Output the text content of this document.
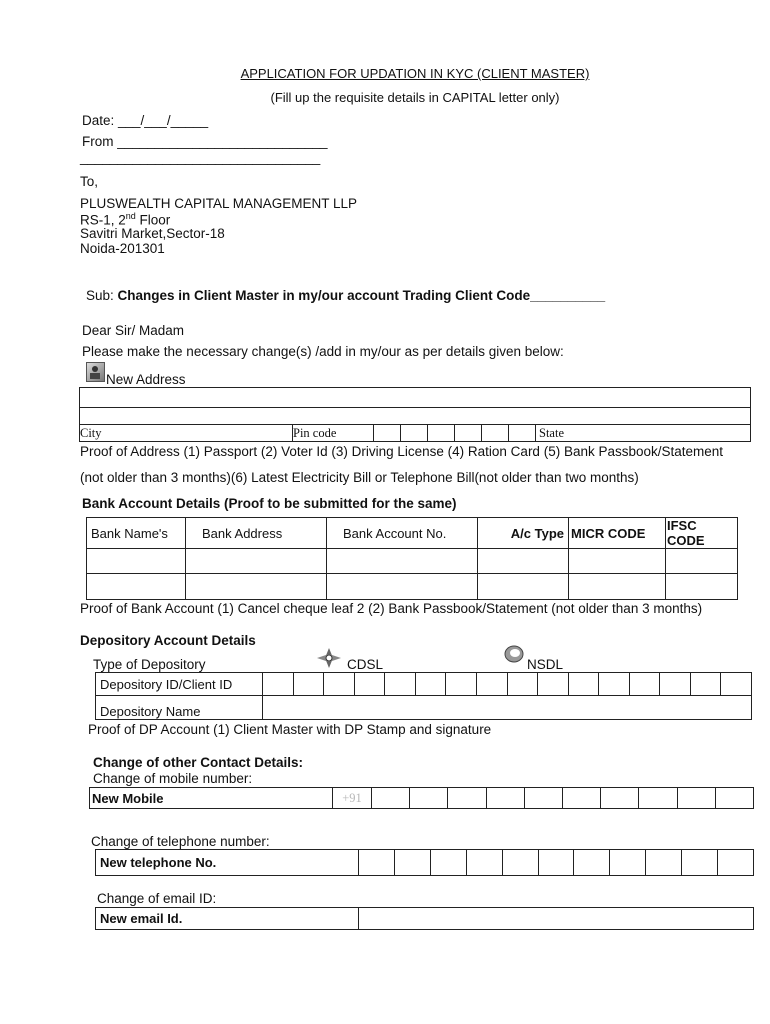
APPLICATION FOR UPDATION IN KYC (CLIENT MASTER)
(Fill up the requisite details in CAPITAL letter only)
Date: ___/___/_____
From ____________________________
________________________________
To,
PLUSWEALTH CAPITAL MANAGEMENT LLP
RS-1, 2nd Floor
Savitri Market,Sector-18
Noida-201301
Sub: Changes in Client Master in my/our account Trading Client Code__________
Dear Sir/ Madam
Please make the necessary change(s) /add in my/our as per details given below:
New Address

City	Pin code							State
Proof of Address (1) Passport (2) Voter Id (3) Driving License (4) Ration Card (5) Bank Passbook/Statement
(not older than 3 months)(6) Latest Electricity Bill or Telephone Bill(not older than two months)
Bank Account Details (Proof to be submitted for the same)
Bank Name's	Bank Address	Bank Account No.	A/c Type	MICR CODE	IFSC CODE

Proof of Bank Account (1) Cancel cheque leaf 2 (2) Bank Passbook/Statement (not older than 3 months)
Depository Account Details
Type of Depository	CDSL	NSDL
Depository ID/Client ID																
Depository Name																
Proof of DP Account (1) Client Master with DP Stamp and signature
Change of other Contact Details:
Change of mobile number:
New Mobile	+91										
Change of telephone number:
New telephone No.											
Change of email ID:
New email Id.	
